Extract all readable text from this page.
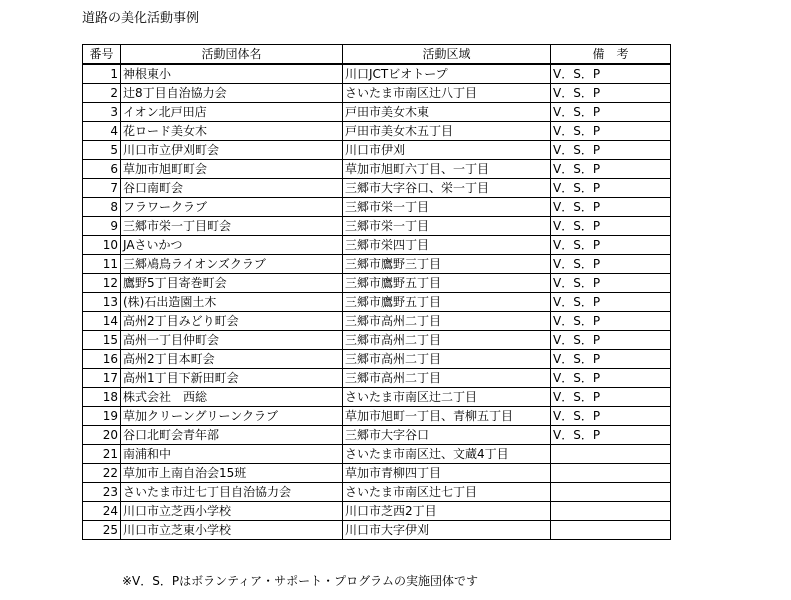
道路の美化活動事例
番号	活動団体名	活動区域	備　考
1	神根東小	川口JCTビオトープ	V．S．P
2	辻8丁目自治協力会	さいたま市南区辻八丁目	V．S．P
3	イオン北戸田店	戸田市美女木東	V．S．P
4	花ロード美女木	戸田市美女木五丁目	V．S．P
5	川口市立伊刈町会	川口市伊刈	V．S．P
6	草加市旭町町会	草加市旭町六丁目、一丁目	V．S．P
7	谷口南町会	三郷市大字谷口、栄一丁目	V．S．P
8	フラワークラブ	三郷市栄一丁目	V．S．P
9	三郷市栄一丁目町会	三郷市栄一丁目	V．S．P
10	JAさいかつ	三郷市栄四丁目	V．S．P
11	三郷鳰鳥ライオンズクラブ	三郷市鷹野三丁目	V．S．P
12	鷹野5丁目寄巻町会	三郷市鷹野五丁目	V．S．P
13	(株)石出造園土木	三郷市鷹野五丁目	V．S．P
14	高州2丁目みどり町会	三郷市高州二丁目	V．S．P
15	高州一丁目仲町会	三郷市高州二丁目	V．S．P
16	高州2丁目本町会	三郷市高州二丁目	V．S．P
17	高州1丁目下新田町会	三郷市高州二丁目	V．S．P
18	株式会社　西総	さいたま市南区辻二丁目	V．S．P
19	草加クリーングリーンクラブ	草加市旭町一丁目、青柳五丁目	V．S．P
20	谷口北町会青年部	三郷市大字谷口	V．S．P
21	南浦和中	さいたま市南区辻、文蔵4丁目	
22	草加市上南自治会15班	草加市青柳四丁目	
23	さいたま市辻七丁目自治協力会	さいたま市南区辻七丁目	
24	川口市立芝西小学校	川口市芝西2丁目	
25	川口市立芝東小学校	川口市大字伊刈	
※V．S．Pはボランティア・サポート・プログラムの実施団体です
